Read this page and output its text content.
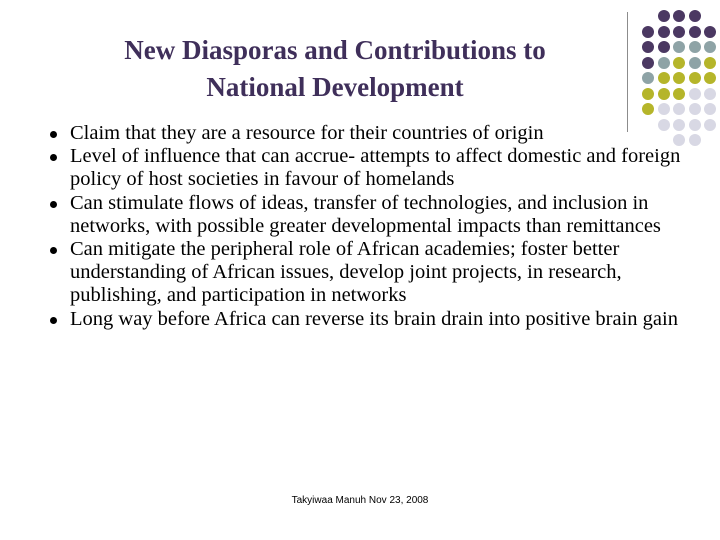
New Diasporas and Contributions to
National Development
Claim that they are a resource for their countries of origin
Level of influence that can accrue- attempts to affect domestic and foreign policy of host societies in favour of homelands
Can stimulate flows of ideas, transfer of technologies, and inclusion in networks, with possible greater developmental impacts than remittances
Can mitigate the peripheral role of African academies; foster better understanding of African issues, develop joint projects, in research, publishing, and participation in networks
Long way before Africa can reverse its brain drain into positive brain gain
Takyiwaa Manuh Nov 23, 2008
